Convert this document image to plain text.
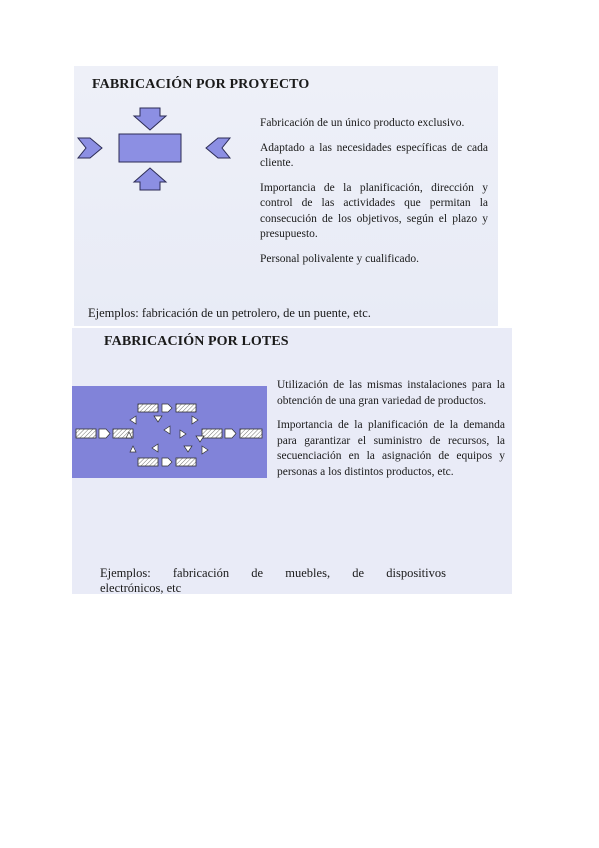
FABRICACIÓN POR PROYECTO

Fabricación de un único producto exclusivo.

Adaptado a las necesidades específicas de cada cliente.

Importancia de la planificación, dirección y control de las actividades que permitan la consecución de los objetivos, según el plazo y presupuesto.

Personal polivalente y cualificado.

Ejemplos: fabricación de un petrolero, de un puente, etc.
FABRICACIÓN POR LOTES

Utilización de las mismas instalaciones para la obtención de una gran variedad de productos.

Importancia de la planificación de la demanda para garantizar el suministro de recursos, la secuenciación en la asignación de equipos y personas a los distintos productos, etc.

Ejemplos: fabricación de muebles, de dispositivos
electrónicos, etc
